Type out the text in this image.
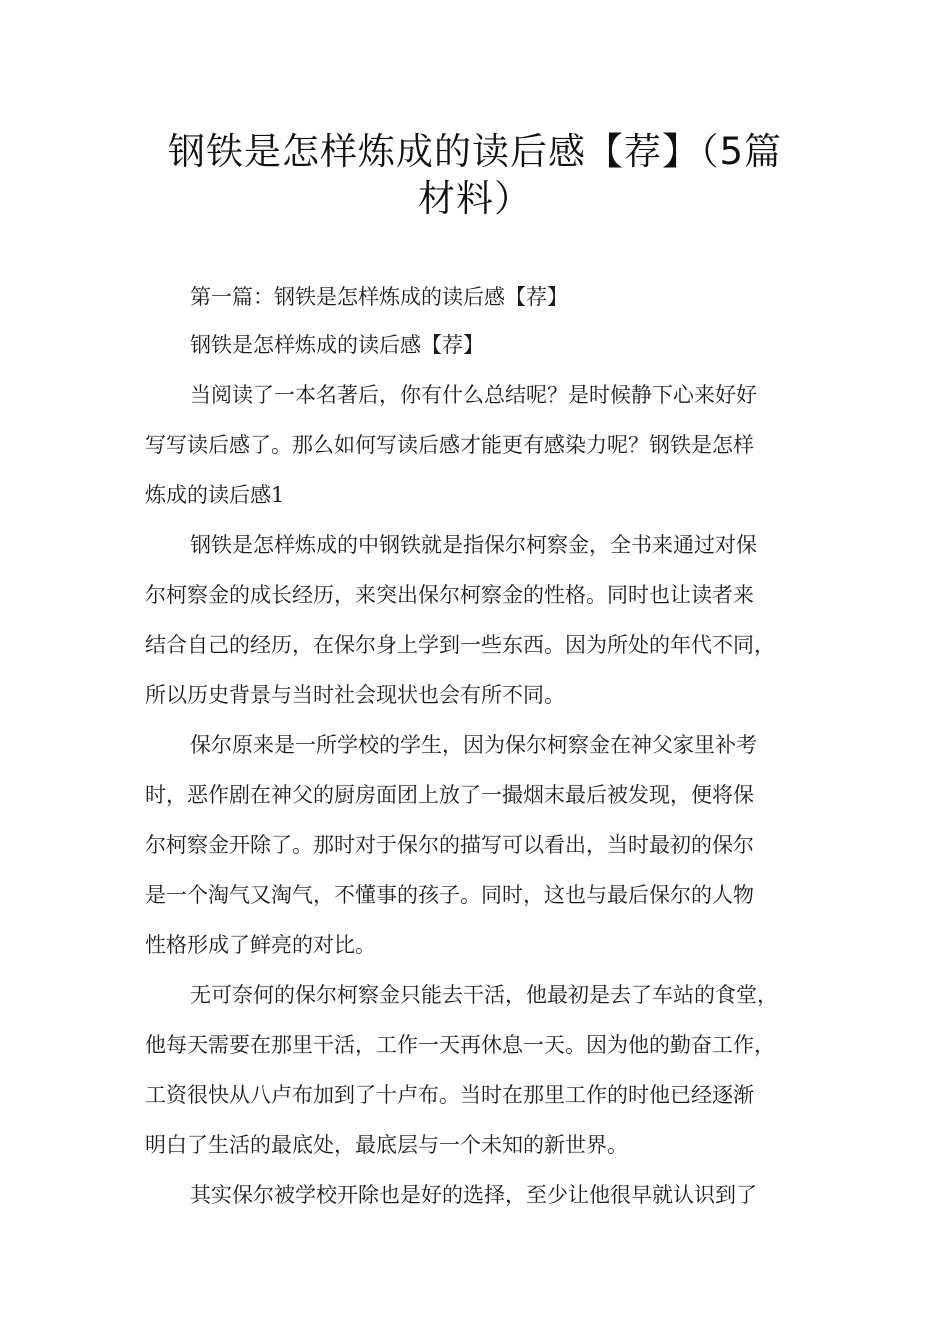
钢铁是怎样炼成的读后感【荐】（5篇
材料）
第一篇：钢铁是怎样炼成的读后感【荐】
钢铁是怎样炼成的读后感【荐】
当阅读了一本名著后，你有什么总结呢？是时候静下心来好好
写写读后感了。那么如何写读后感才能更有感染力呢？钢铁是怎样
炼成的读后感1
钢铁是怎样炼成的中钢铁就是指保尔柯察金，全书来通过对保
尔柯察金的成长经历，来突出保尔柯察金的性格。同时也让读者来
结合自己的经历，在保尔身上学到一些东西。因为所处的年代不同，
所以历史背景与当时社会现状也会有所不同。
保尔原来是一所学校的学生，因为保尔柯察金在神父家里补考
时，恶作剧在神父的厨房面团上放了一撮烟末最后被发现，便将保
尔柯察金开除了。那时对于保尔的描写可以看出，当时最初的保尔
是一个淘气又淘气，不懂事的孩子。同时，这也与最后保尔的人物
性格形成了鲜亮的对比。
无可奈何的保尔柯察金只能去干活，他最初是去了车站的食堂，
他每天需要在那里干活，工作一天再休息一天。因为他的勤奋工作，
工资很快从八卢布加到了十卢布。当时在那里工作的时他已经逐渐
明白了生活的最底处，最底层与一个未知的新世界。
其实保尔被学校开除也是好的选择，至少让他很早就认识到了
